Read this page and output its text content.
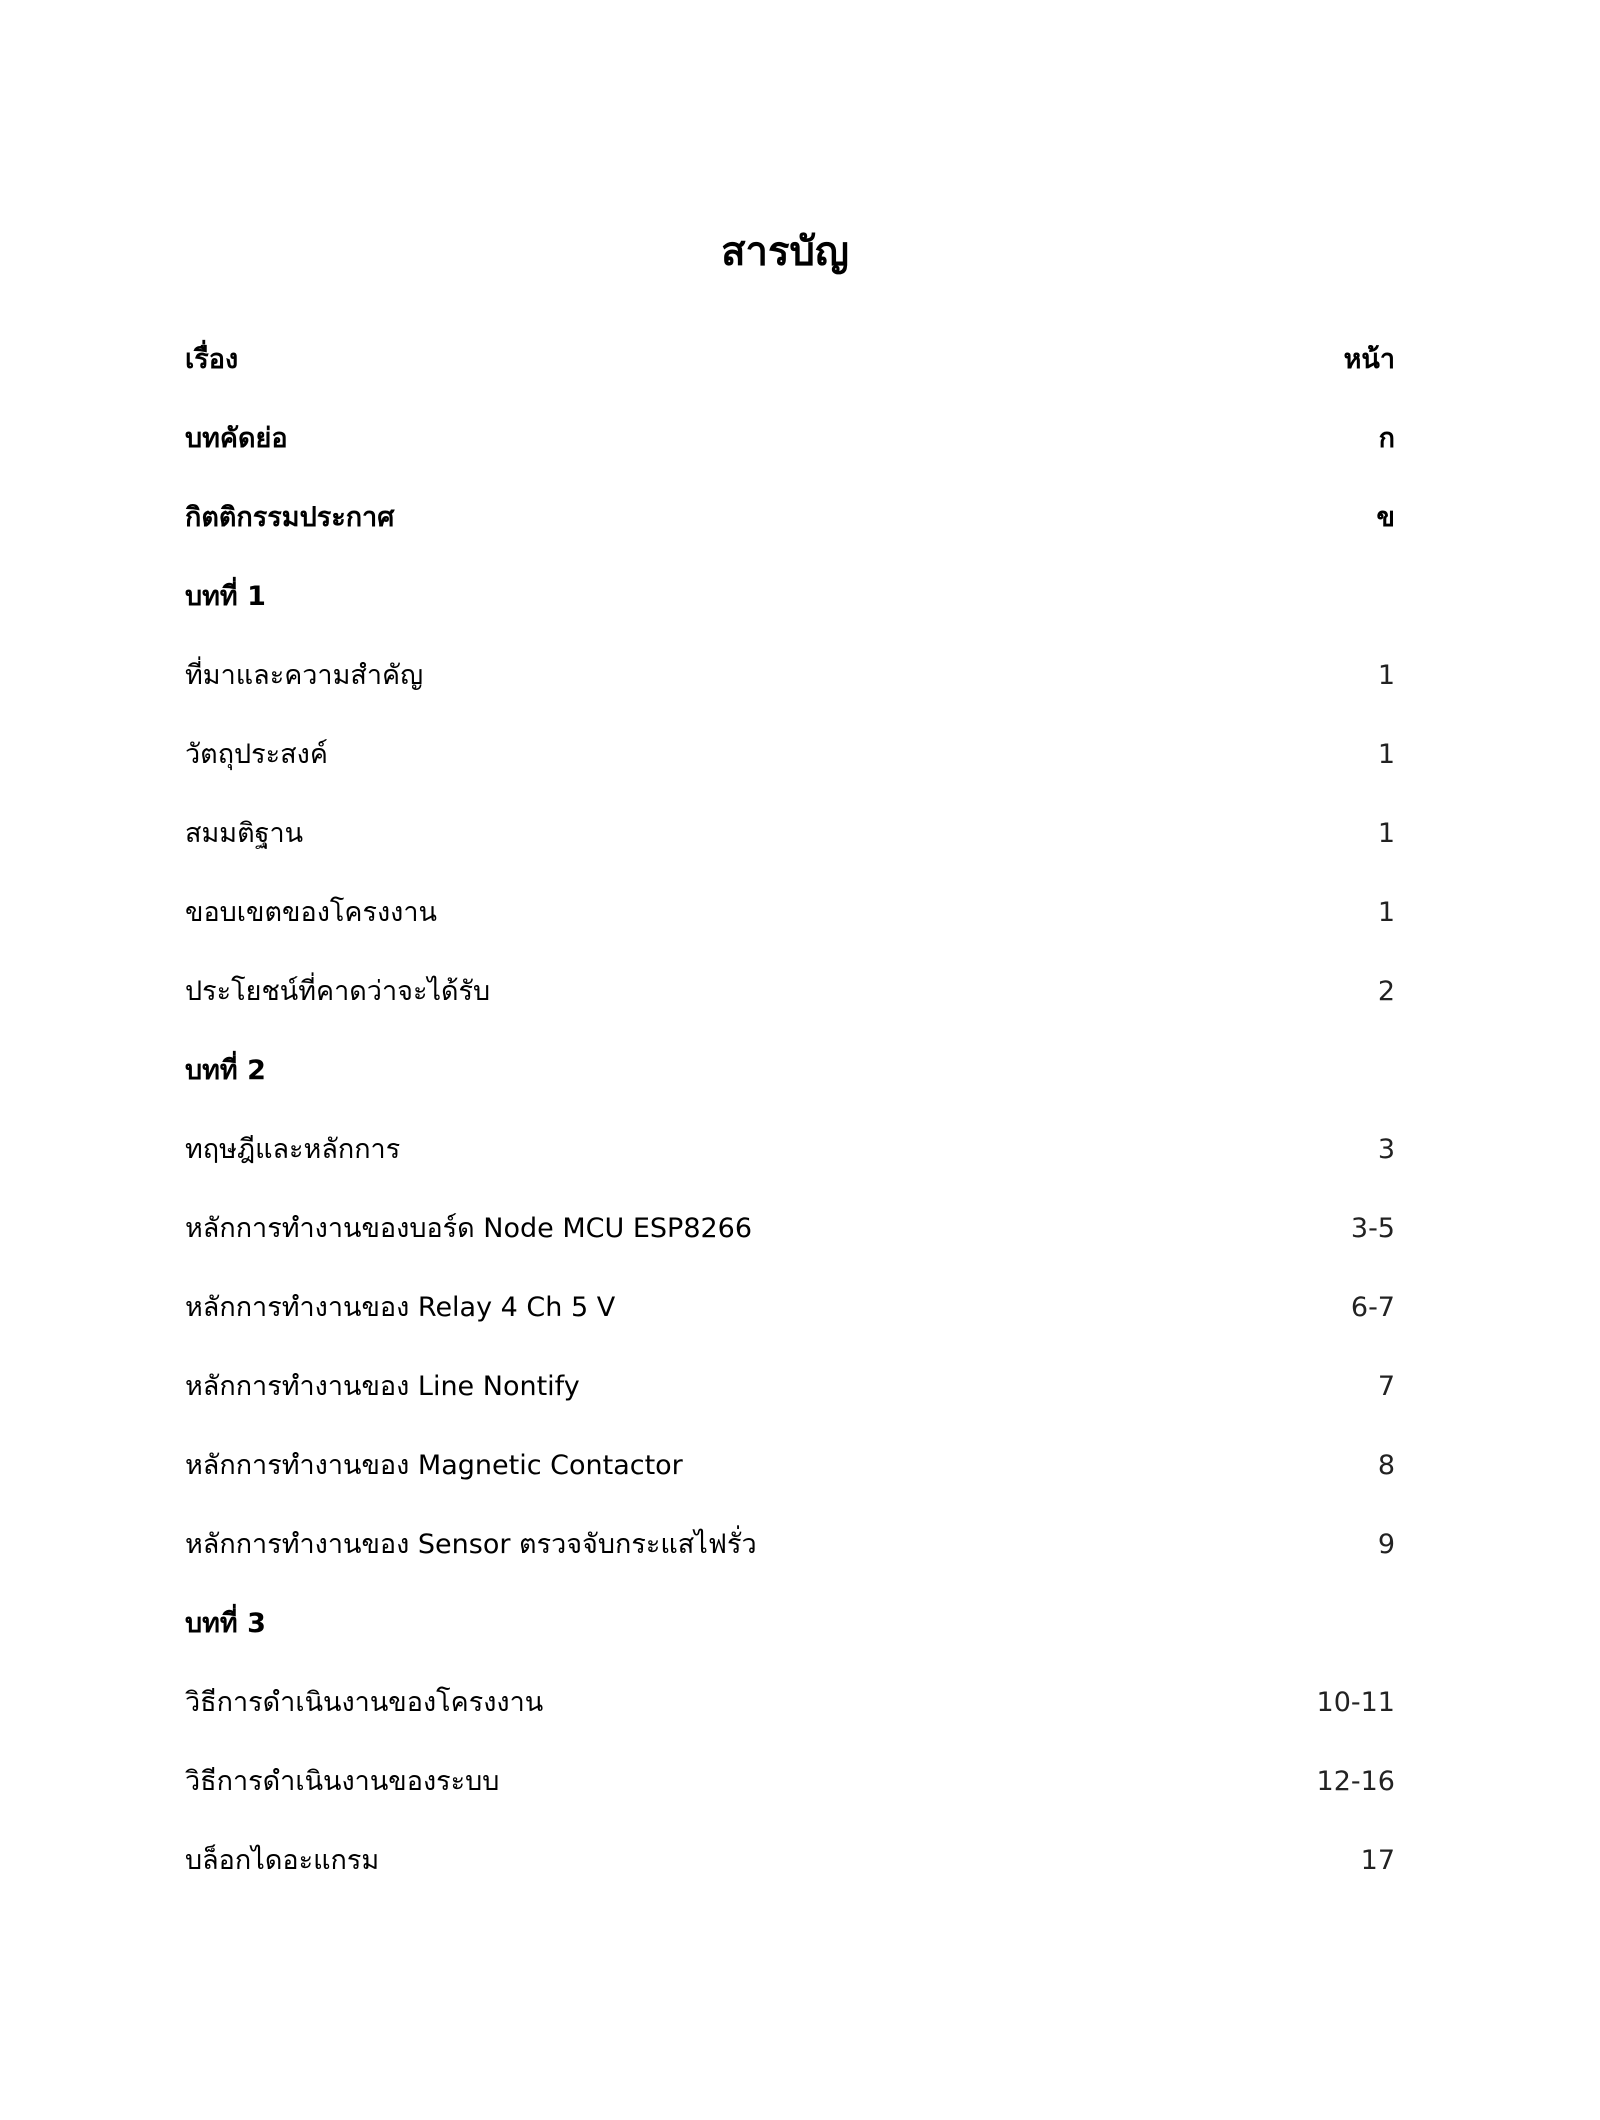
สารบัญ
เรื่อง	หน้า
บทคัดย่อ	ก
กิตติกรรมประกาศ	ข
บทที่ 1
ที่มาและความสำคัญ	1
วัตถุประสงค์	1
สมมติฐาน	1
ขอบเขตของโครงงาน	1
ประโยชน์ที่คาดว่าจะได้รับ	2
บทที่ 2
ทฤษฎีและหลักการ	3
หลักการทำงานของบอร์ด Node MCU ESP8266	3-5
หลักการทำงานของ Relay 4 Ch 5 V	6-7
หลักการทำงานของ Line Nontify	7
หลักการทำงานของ Magnetic Contactor	8
หลักการทำงานของ Sensor ตรวจจับกระแสไฟรั่ว	9
บทที่ 3
วิธีการดำเนินงานของโครงงาน	10-11
วิธีการดำเนินงานของระบบ	12-16
บล็อกไดอะแกรม	17
